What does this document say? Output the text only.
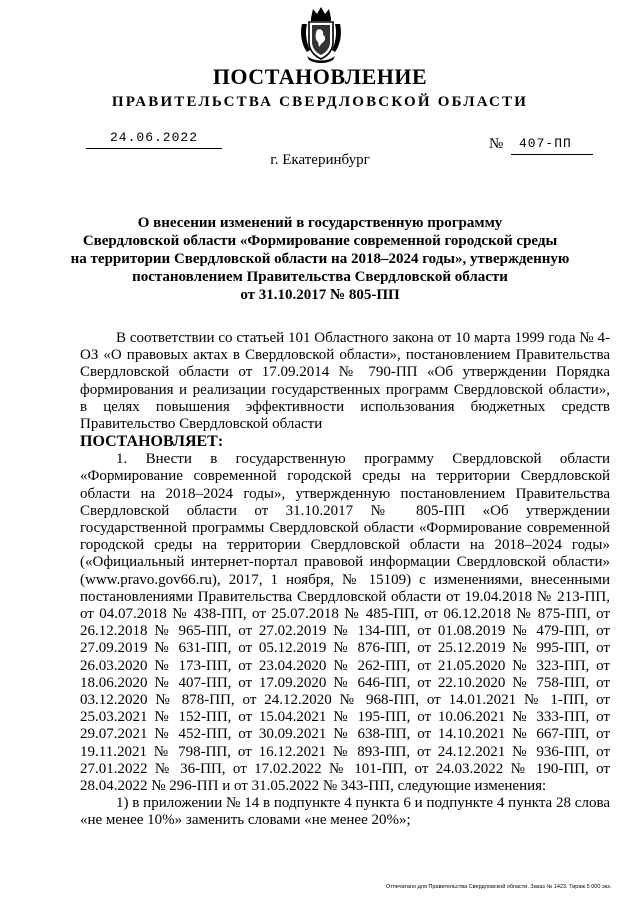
ПОСТАНОВЛЕНИЕ
ПРАВИТЕЛЬСТВА СВЕРДЛОВСКОЙ ОБЛАСТИ
24.06.2022	№ 407-ПП
г. Екатеринбург
О внесении изменений в государственную программу
Свердловской области «Формирование современной городской среды
на территории Свердловской области на 2018–2024 годы», утвержденную
постановлением Правительства Свердловской области
от 31.10.2017 № 805-ПП

В соответствии со статьей 101 Областного закона от 10 марта 1999 года № 4-ОЗ «О правовых актах в Свердловской области», постановлением Правительства Свердловской области от 17.09.2014 № 790-ПП «Об утверждении Порядка формирования и реализации государственных программ Свердловской области», в целях повышения эффективности использования бюджетных средств Правительство Свердловской области

ПОСТАНОВЛЯЕТ:

1. Внести в государственную программу Свердловской области «Формирование современной городской среды на территории Свердловской области на 2018–2024 годы», утвержденную постановлением Правительства Свердловской области от 31.10.2017 № 805-ПП «Об утверждении государственной программы Свердловской области «Формирование современной городской среды на территории Свердловской области на 2018–2024 годы» («Официальный интернет-портал правовой информации Свердловской области» (www.pravo.gov66.ru), 2017, 1 ноября, № 15109) с изменениями, внесенными постановлениями Правительства Свердловской области от 19.04.2018 № 213-ПП, от 04.07.2018 № 438-ПП, от 25.07.2018 № 485-ПП, от 06.12.2018 № 875-ПП, от 26.12.2018 № 965-ПП, от 27.02.2019 № 134-ПП, от 01.08.2019 № 479-ПП, от 27.09.2019 № 631-ПП, от 05.12.2019 № 876-ПП, от 25.12.2019 № 995-ПП, от 26.03.2020 № 173-ПП, от 23.04.2020 № 262-ПП, от 21.05.2020 № 323-ПП, от 18.06.2020 № 407-ПП, от 17.09.2020 № 646-ПП, от 22.10.2020 № 758-ПП, от 03.12.2020 № 878-ПП, от 24.12.2020 № 968-ПП, от 14.01.2021 № 1-ПП, от 25.03.2021 № 152-ПП, от 15.04.2021 № 195-ПП, от 10.06.2021 № 333-ПП, от 29.07.2021 № 452-ПП, от 30.09.2021 № 638-ПП, от 14.10.2021 № 667-ПП, от 19.11.2021 № 798-ПП, от 16.12.2021 № 893-ПП, от 24.12.2021 № 936-ПП, от 27.01.2022 № 36-ПП, от 17.02.2022 № 101-ПП, от 24.03.2022 № 190-ПП, от 28.04.2022 № 296-ПП и от 31.05.2022 № 343-ПП, следующие изменения:

1) в приложении № 14 в подпункте 4 пункта 6 и подпункте 4 пункта 28 слова «не менее 10%» заменить словами «не менее 20%»;

Отпечатано для Правительства Свердловской области. Заказ № 1423. Тираж 5 000 экз.
